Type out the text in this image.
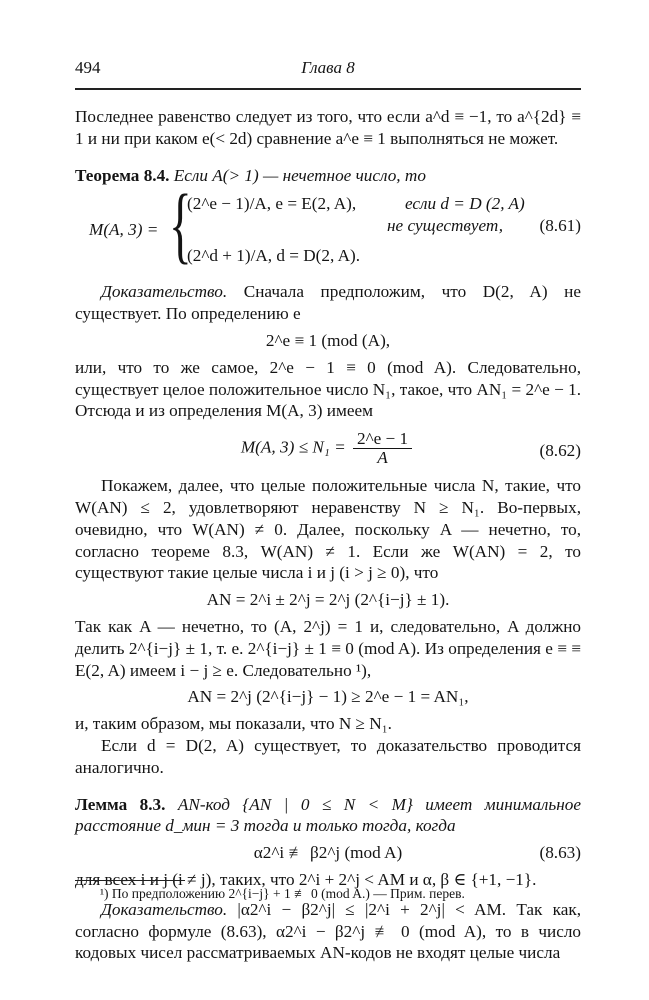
494	Глава 8

Последнее равенство следует из того, что если a^d ≡ −1, то a^{2d} ≡ 1 и ни при каком e(< 2d) сравнение a^e ≡ 1 выполняться не может.

Теорема 8.4. Если A(> 1) — нечетное число, то

M(A, 3) = {
(2^e − 1)/A, e = E(2, A),	если d = D (2, A)
не существует,
(2^d + 1)/A, d = D(2, A).
(8.61)

Доказательство. Сначала предположим, что D(2, A) не существует. По определению e

2^e ≡ 1 (mod (A),

или, что то же самое, 2^e − 1 ≡ 0 (mod A). Следовательно, существует целое положительное число N₁, такое, что AN₁ = 2^e − 1. Отсюда и из определения M(A, 3) имеем

M(A, $3) \le N_1 = \frac{2\^{}e - 1}{A}$	(8.62)

Покажем, далее, что целые положительные числа N, такие, что W(AN) ≤ 2, удовлетворяют неравенству N ≥ N₁. Во-первых, очевидно, что W(AN) ≠ 0. Далее, поскольку A — нечетно, то, согласно теореме 8.3, W(AN) ≠ 1. Если же W(AN) = 2, то существуют такие целые числа i и j (i > j ≥ 0), что

AN = 2^i ± 2^j = 2^j (2^{i−j} ± 1).

Так как A — нечетно, то (A, 2^j) = 1 и, следовательно, A должно делить 2^{i−j} ± 1, т. е. 2^{i−j} ± 1 ≡ 0 (mod A). Из определения e ≡ ≡ E(2, A) имеем i − j ≥ e. Следовательно ¹),

AN = 2^j (2^{i−j} − 1) ≥ 2^e − 1 = AN₁,

и, таким образом, мы показали, что N ≥ N₁.

Если d = D(2, A) существует, то доказательство проводится аналогично.

Лемма 8.3. AN-код {AN | 0 ≤ N < M} имеет минимальное расстояние d_мин = 3 тогда и только тогда, когда

α2^i ≢ β2^j (mod A)	(8.63)

для всех i и j (i ≠ j), таких, что 2^i + 2^j < AM и α, β ∈ {+1, −1}.

Доказательство. |α2^i − β2^j| ≤ |2^i + 2^j| < AM. Так как, согласно формуле (8.63), α2^i − β2^j ≢ 0 (mod A), то в число кодовых чисел рассматриваемых AN-кодов не входят целые числа

¹) По предположению 2^{i−j} + 1 ≢ 0 (mod A.) — Прим. перев.
